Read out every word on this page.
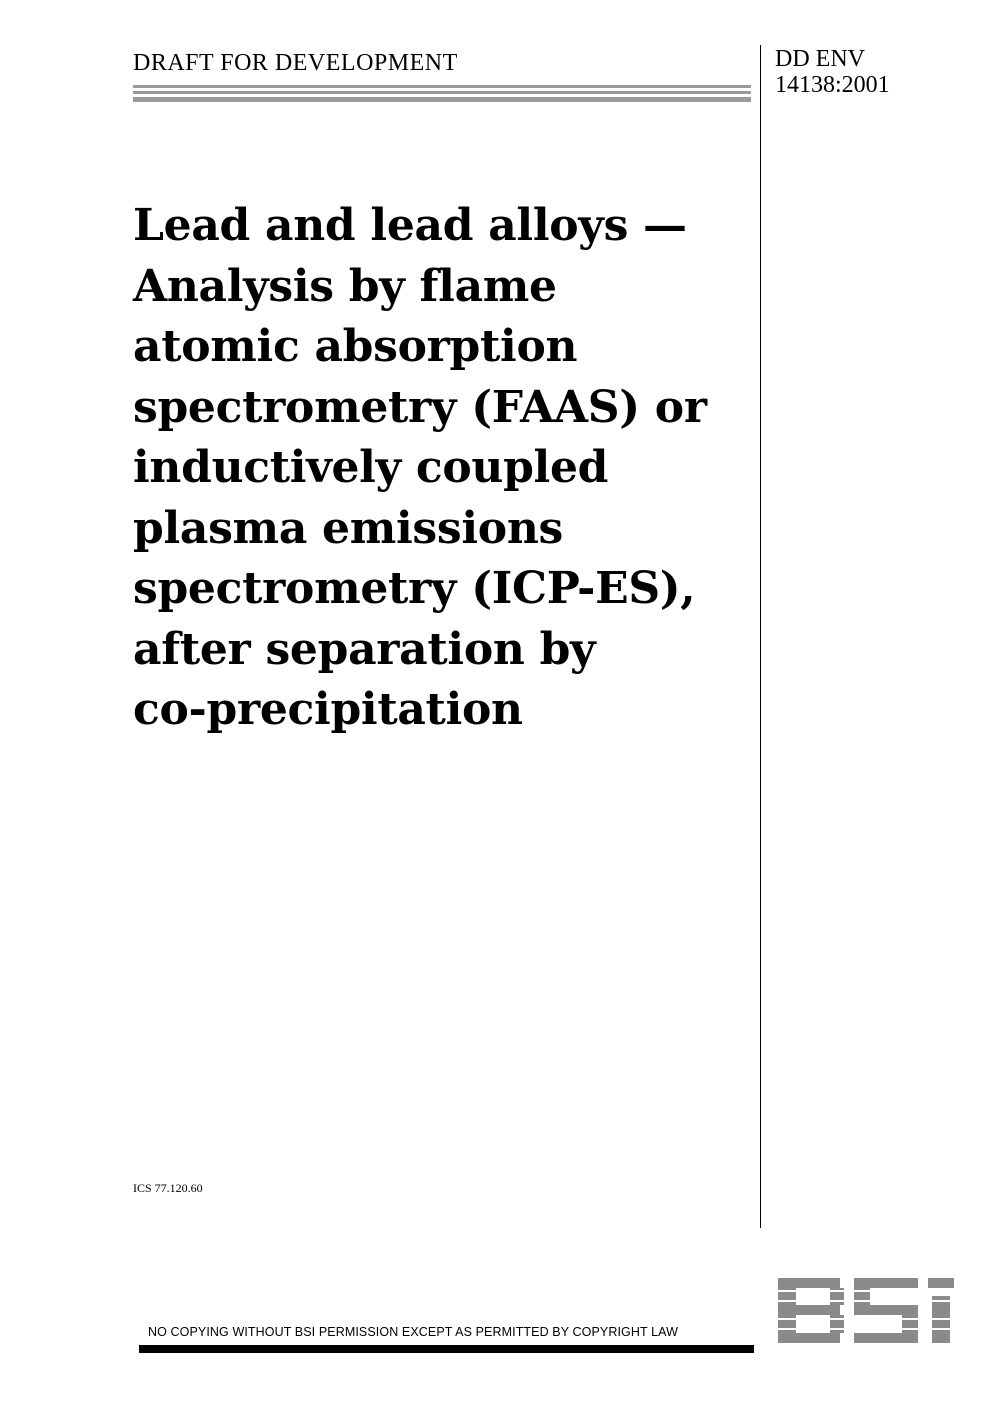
DRAFT FOR DEVELOPMENT	DD ENV
14138:2001
Lead and lead alloys —
Analysis by flame
atomic absorption
spectrometry (FAAS) or
inductively coupled
plasma emissions
spectrometry (ICP-ES),
after separation by
co-precipitation
ICS 77.120.60
NO COPYING WITHOUT BSI PERMISSION EXCEPT AS PERMITTED BY COPYRIGHT LAW
